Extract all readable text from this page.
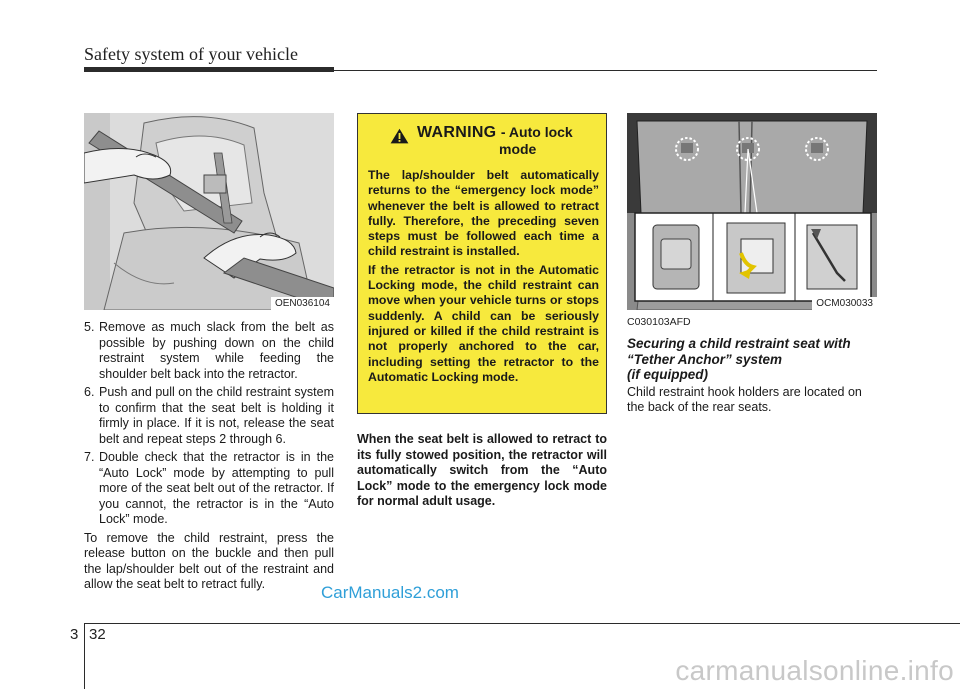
Safety system of your vehicle
OEN036104
5. Remove as much slack from the belt as possible by pushing down on the child restraint system while feeding the shoulder belt back into the retractor.
6. Push and pull on the child restraint system to confirm that the seat belt is holding it firmly in place. If it is not, release the seat belt and repeat steps 2 through 6.
7. Double check that the retractor is in the “Auto Lock” mode by attempting to pull more of the seat belt out of the retractor. If you cannot, the retractor is in the “Auto Lock” mode.

To remove the child restraint, press the release button on the buckle and then pull the lap/shoulder belt out of the restraint and allow the seat belt to retract fully.

WARNING - Auto lock
mode

The lap/shoulder belt automatically returns to the “emergency lock mode” whenever the belt is allowed to retract fully. Therefore, the preceding seven steps must be followed each time a child restraint is installed.

If the retractor is not in the Automatic Locking mode, the child restraint can move when your vehicle turns or stops suddenly. A child can be seriously injured or killed if the child restraint is not properly anchored to the car, including setting the retractor to the Automatic Locking mode.

When the seat belt is allowed to retract to its fully stowed position, the retractor will automatically switch from the “Auto Lock” mode to the emergency lock mode for normal adult usage.

OCM030033
C030103AFD
Securing a child restraint seat with
“Tether Anchor” system
(if equipped)

Child restraint hook holders are located on the back of the rear seats.

CarManuals2.com
3 32
carmanualsonline.info
